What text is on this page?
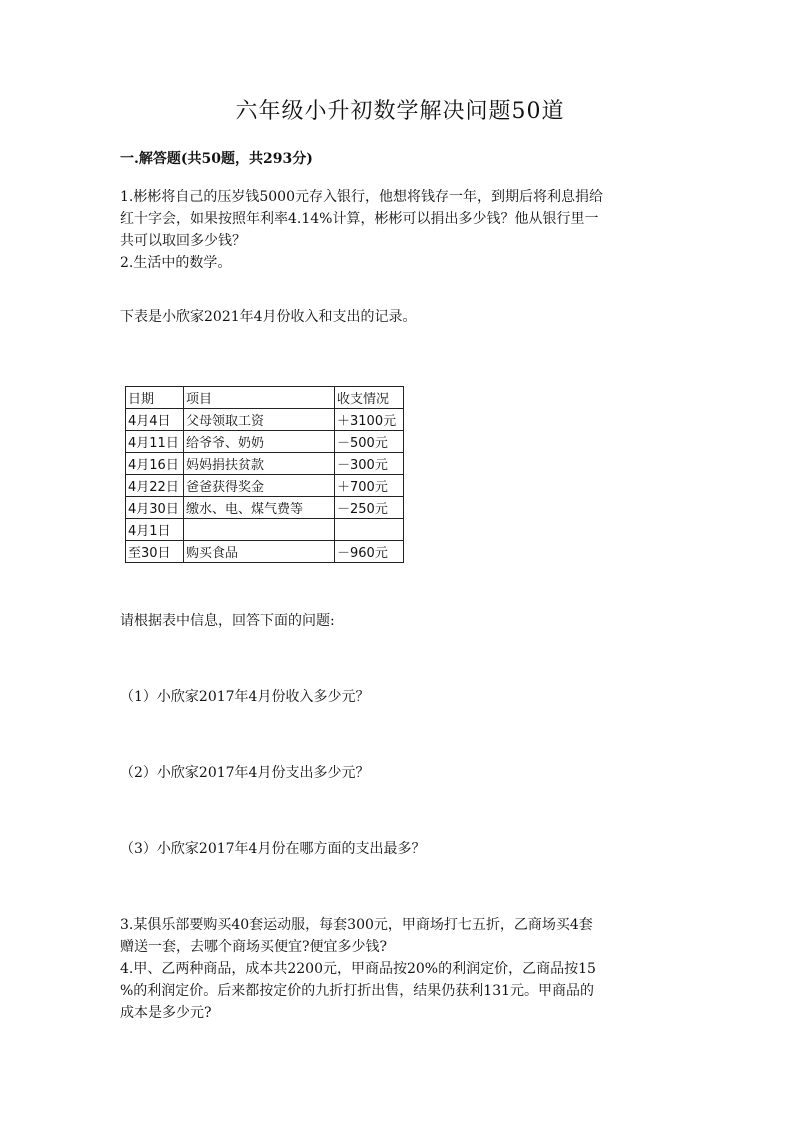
六年级小升初数学解决问题50道
一.解答题(共50题，共293分)

1.彬彬将自己的压岁钱5000元存入银行，他想将钱存一年，到期后将利息捐给

红十字会，如果按照年利率4.14%计算，彬彬可以捐出多少钱？他从银行里一

共可以取回多少钱？

2.生活中的数学。

下表是小欣家2021年4月份收入和支出的记录。
日期	项目	收支情况
4月4日	父母领取工资	＋3100元
4月11日	给爷爷、奶奶	－500元
4月16日	妈妈捐扶贫款	－300元
4月22日	爸爸获得奖金	＋700元
4月30日	缴水、电、煤气费等	－250元
4月1日		
至30日	购买食品	－960元
请根据表中信息，回答下面的问题:
（1）小欣家2017年4月份收入多少元？
（2）小欣家2017年4月份支出多少元？
（3）小欣家2017年4月份在哪方面的支出最多？

3.某俱乐部要购买40套运动服，每套300元，甲商场打七五折，乙商场买4套

赠送一套，去哪个商场买便宜?便宜多少钱?

4.甲、乙两种商品，成本共2200元，甲商品按20%的利润定价，乙商品按15

%的利润定价。后来都按定价的九折打折出售，结果仍获利131元。甲商品的

成本是多少元?
